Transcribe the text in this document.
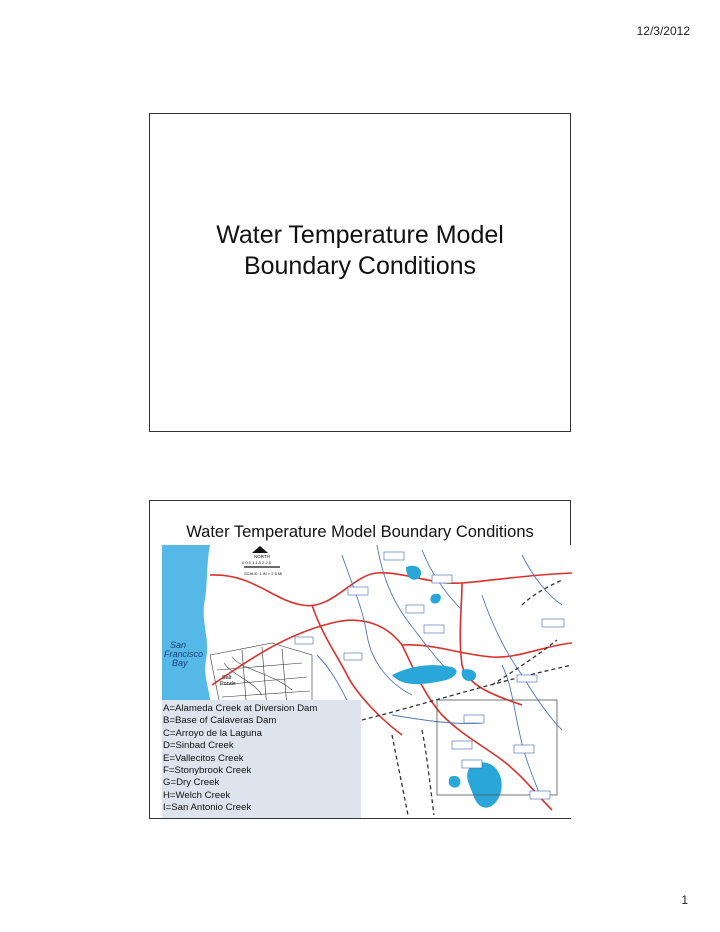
12/3/2012
Water Temperature Model
Boundary Conditions
Water Temperature Model Boundary Conditions
San Francisco Bay
Salt Ponds
NORTH
0 0.5 1 1.5 2 2.5
SCALE: 1 IN = 2.5 MI
A=Alameda Creek at Diversion Dam
B=Base of Calaveras Dam
C=Arroyo de la Laguna
D=Sinbad Creek
E=Vallecitos Creek
F=Stonybrook Creek
G=Dry Creek
H=Welch Creek
I=San Antonio Creek
1
